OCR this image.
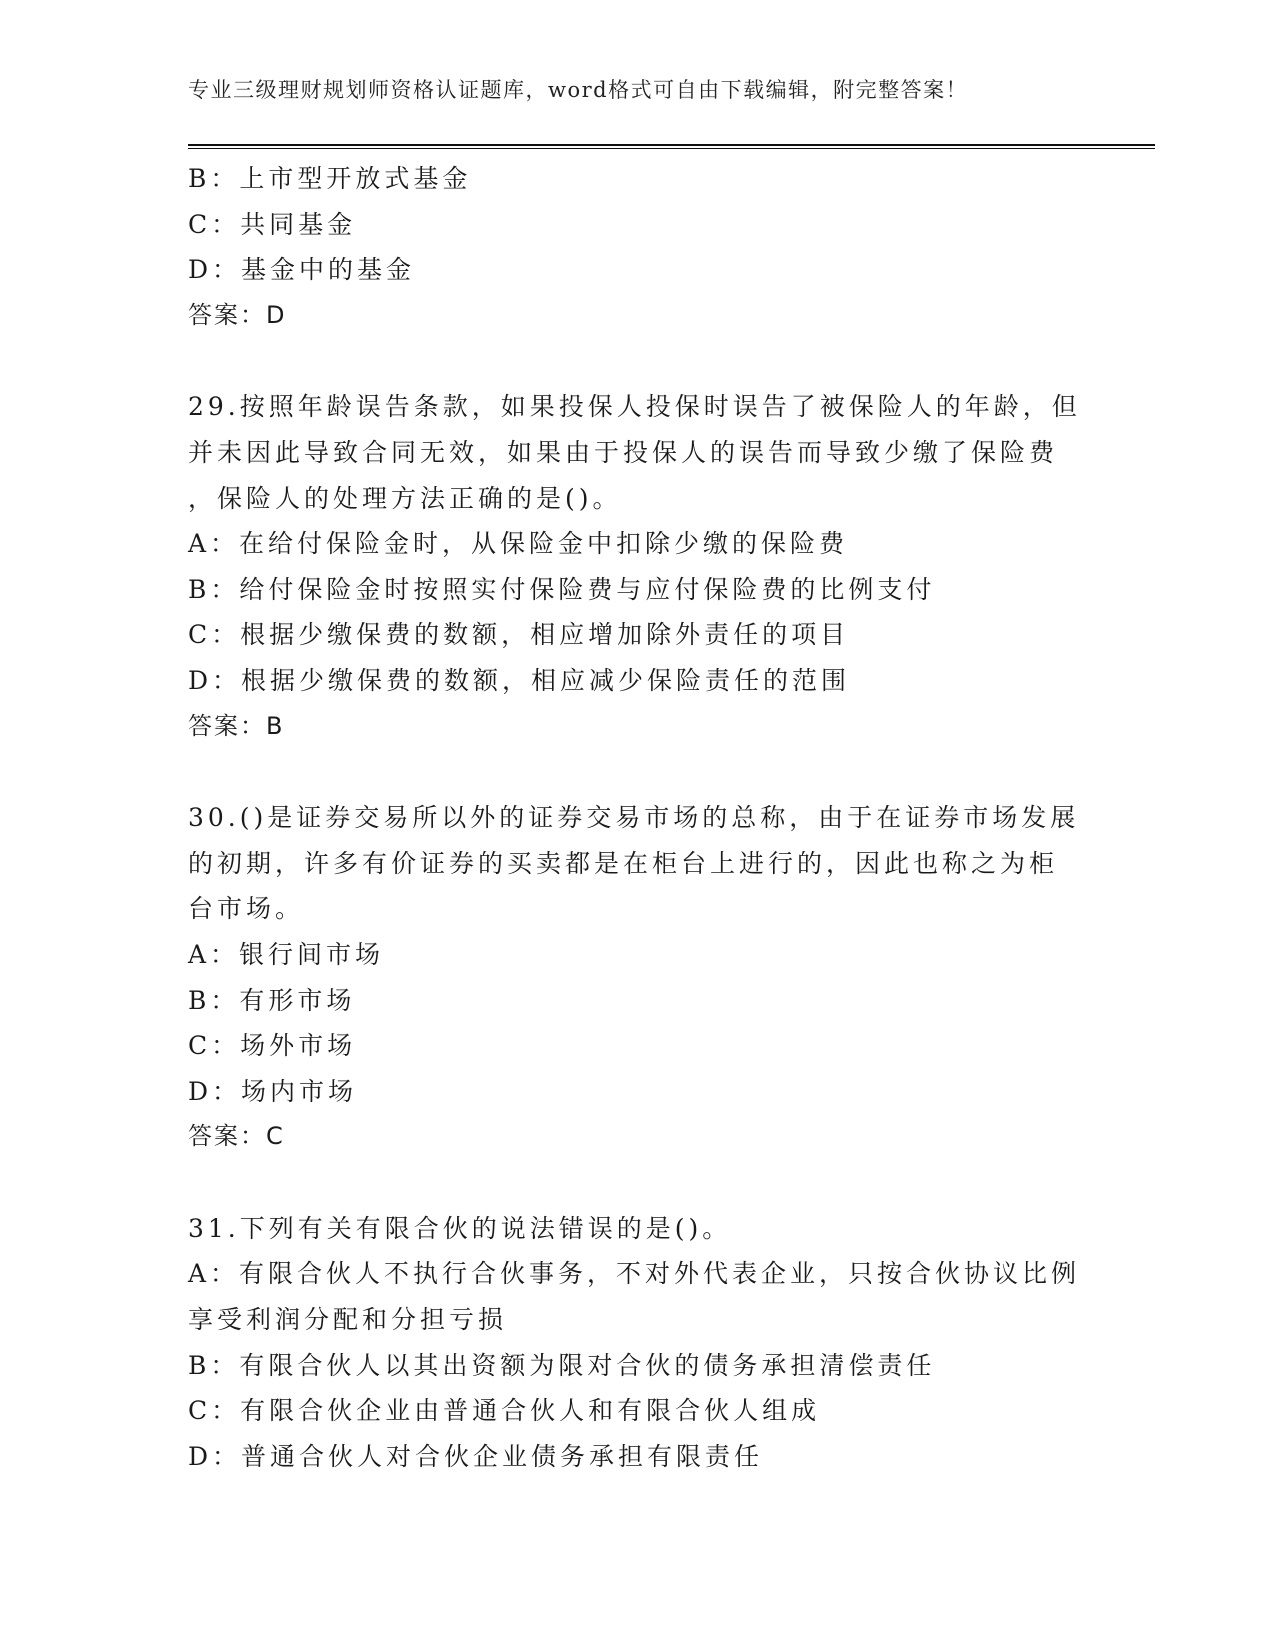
专业三级理财规划师资格认证题库，word格式可自由下载编辑，附完整答案！
B：上市型开放式基金
C：共同基金
D：基金中的基金
答案：D
29.按照年龄误告条款，如果投保人投保时误告了被保险人的年龄，但
并未因此导致合同无效，如果由于投保人的误告而导致少缴了保险费
，保险人的处理方法正确的是()。
A：在给付保险金时，从保险金中扣除少缴的保险费
B：给付保险金时按照实付保险费与应付保险费的比例支付
C：根据少缴保费的数额，相应增加除外责任的项目
D：根据少缴保费的数额，相应减少保险责任的范围
答案：B
30.()是证券交易所以外的证券交易市场的总称，由于在证券市场发展
的初期，许多有价证券的买卖都是在柜台上进行的，因此也称之为柜
台市场。
A：银行间市场
B：有形市场
C：场外市场
D：场内市场
答案：C
31.下列有关有限合伙的说法错误的是()。
A：有限合伙人不执行合伙事务，不对外代表企业，只按合伙协议比例
享受利润分配和分担亏损
B：有限合伙人以其出资额为限对合伙的债务承担清偿责任
C：有限合伙企业由普通合伙人和有限合伙人组成
D：普通合伙人对合伙企业债务承担有限责任
